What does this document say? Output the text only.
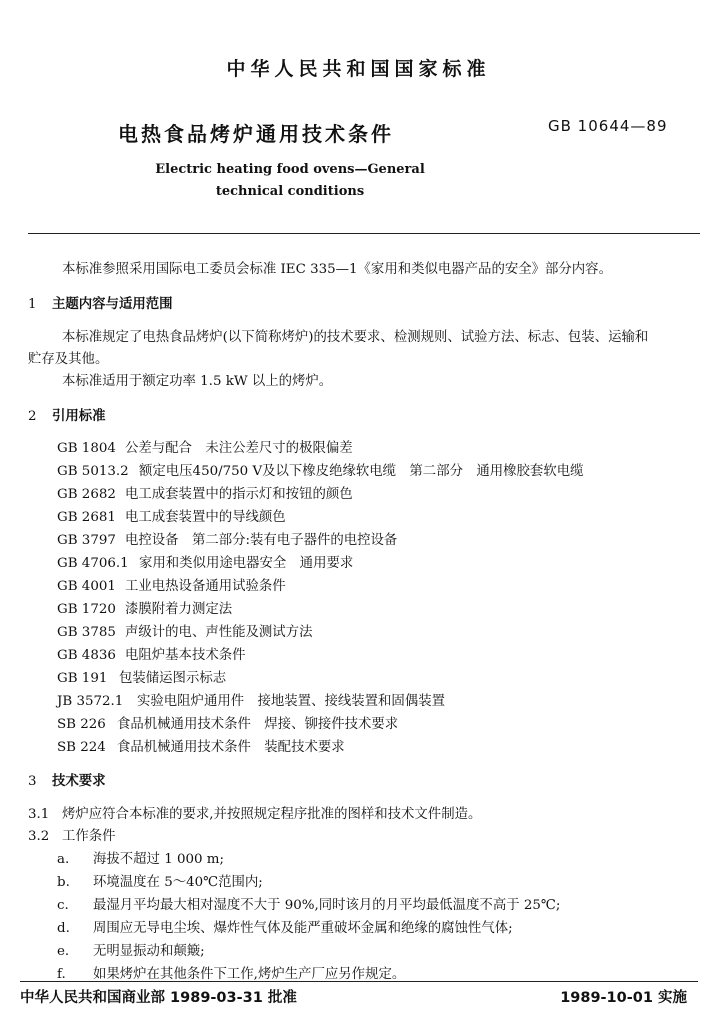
中华人民共和国国家标准
电热食品烤炉通用技术条件	GB 10644—89
Electric heating food ovens—General
technical conditions
本标准参照采用国际电工委员会标准 IEC 335—1《家用和类似电器产品的安全》部分内容。
1 主题内容与适用范围
本标准规定了电热食品烤炉(以下简称烤炉)的技术要求、检测规则、试验方法、标志、包装、运输和
贮存及其他。
本标准适用于额定功率 1.5 kW 以上的烤炉。
2 引用标准
GB 1804 公差与配合　未注公差尺寸的极限偏差
GB 5013.2 额定电压450/750 V及以下橡皮绝缘软电缆　第二部分　通用橡胶套软电缆
GB 2682 电工成套装置中的指示灯和按钮的颜色
GB 2681 电工成套装置中的导线颜色
GB 3797 电控设备　第二部分:装有电子器件的电控设备
GB 4706.1 家用和类似用途电器安全　通用要求
GB 4001 工业电热设备通用试验条件
GB 1720 漆膜附着力测定法
GB 3785 声级计的电、声性能及测试方法
GB 4836 电阻炉基本技术条件
GB 191 包装储运图示标志
JB 3572.1 实验电阻炉通用件　接地装置、接线装置和固偶装置
SB 226 食品机械通用技术条件　焊接、铆接件技术要求
SB 224 食品机械通用技术条件　装配技术要求
3 技术要求
3.1 烤炉应符合本标准的要求,并按照规定程序批准的图样和技术文件制造。
3.2 工作条件
a. 海拔不超过 1 000 m;
b. 环境温度在 5～40℃范围内;
c. 最湿月平均最大相对湿度不大于 90%,同时该月的月平均最低温度不高于 25℃;
d. 周围应无导电尘埃、爆炸性气体及能严重破坏金属和绝缘的腐蚀性气体;
e. 无明显振动和颠簸;
f. 如果烤炉在其他条件下工作,烤炉生产厂应另作规定。
中华人民共和国商业部 1989-03-31 批准	1989-10-01 实施
